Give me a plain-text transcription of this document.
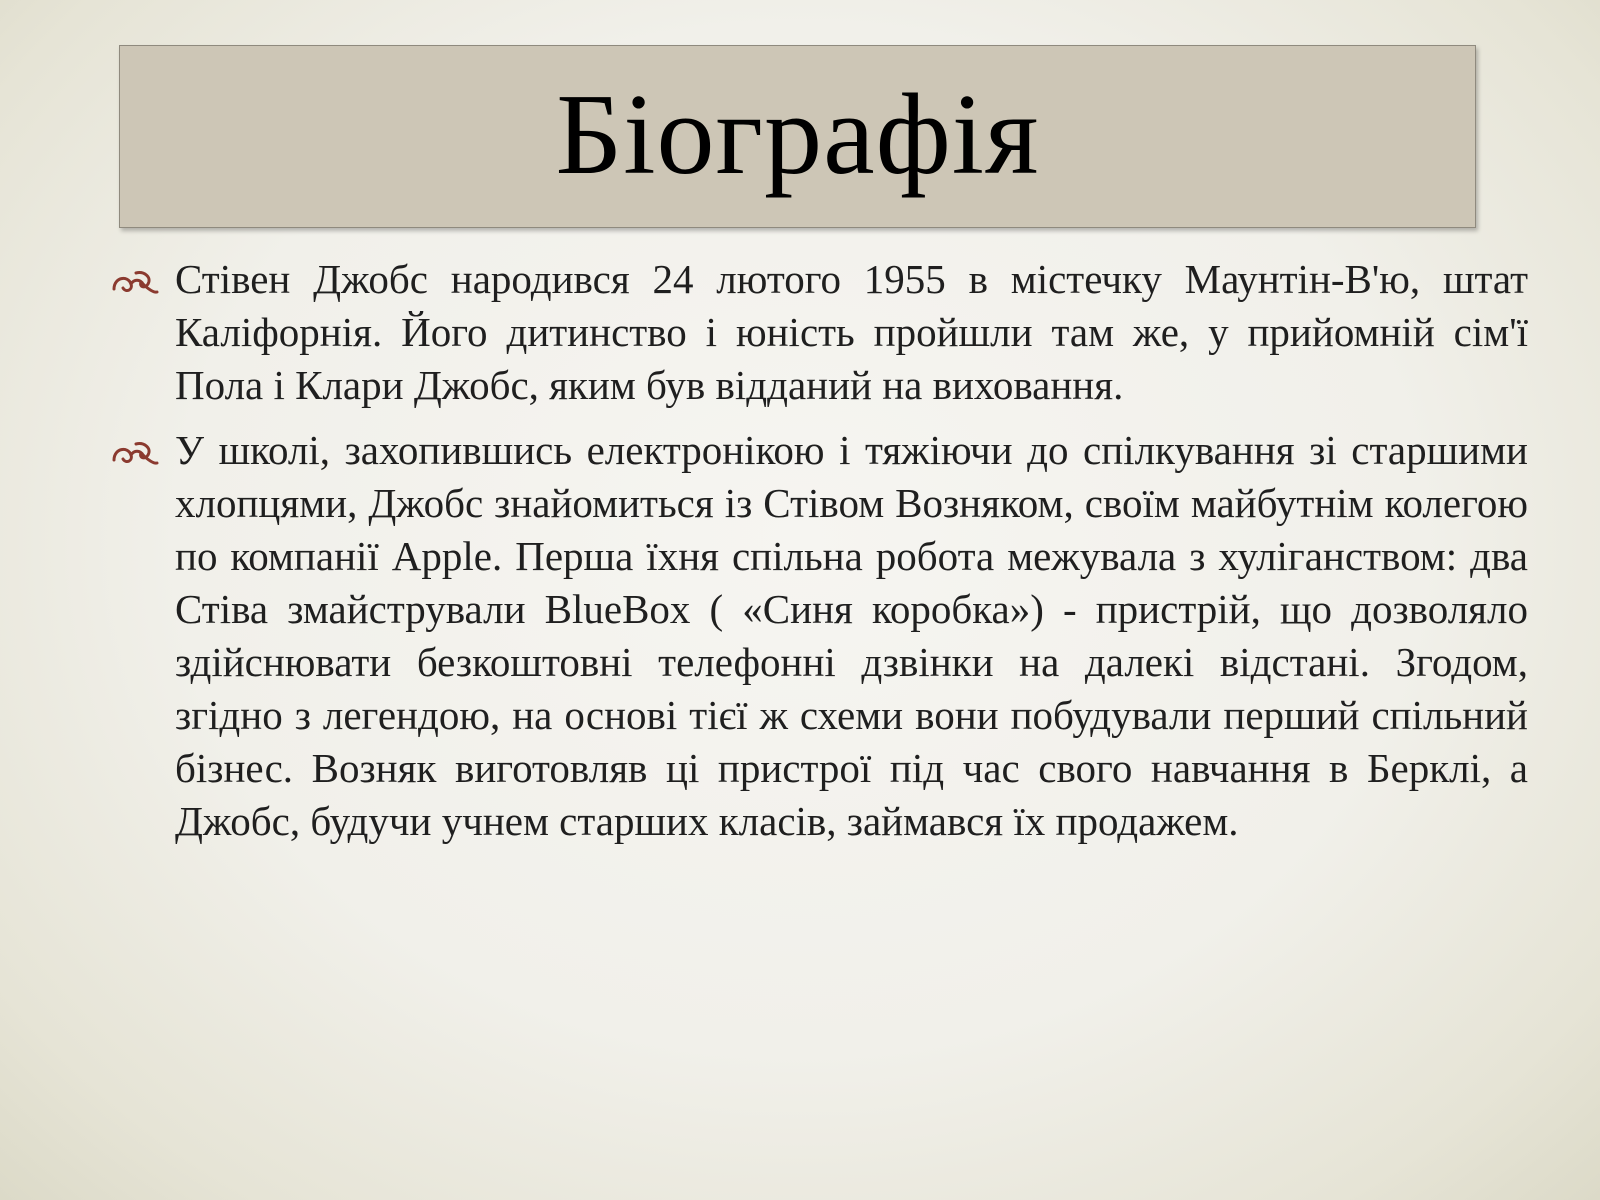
Біографія

Стівен Джобс народився 24 лютого 1955 в містечку Маунтін-В'ю, штат Каліфорнія. Його дитинство і юність пройшли там же, у прийомній сім'ї Пола і Клари Джобс, яким був відданий на виховання.

У школі, захопившись електронікою і тяжіючи до спілкування зі старшими хлопцями, Джобс знайомиться із Стівом Возняком, своїм майбутнім колегою по компанії Apple. Перша їхня спільна робота межувала з хуліганством: два Стіва змайстрували BlueBox ( «Синя коробка») - пристрій, що дозволяло здійснювати безкоштовні телефонні дзвінки на далекі відстані. Згодом, згідно з легендою, на основі тієї ж схеми вони побудували перший спільний бізнес. Возняк виготовляв ці пристрої під час свого навчання в Берклі, а Джобс, будучи учнем старших класів, займався їх продажем.
